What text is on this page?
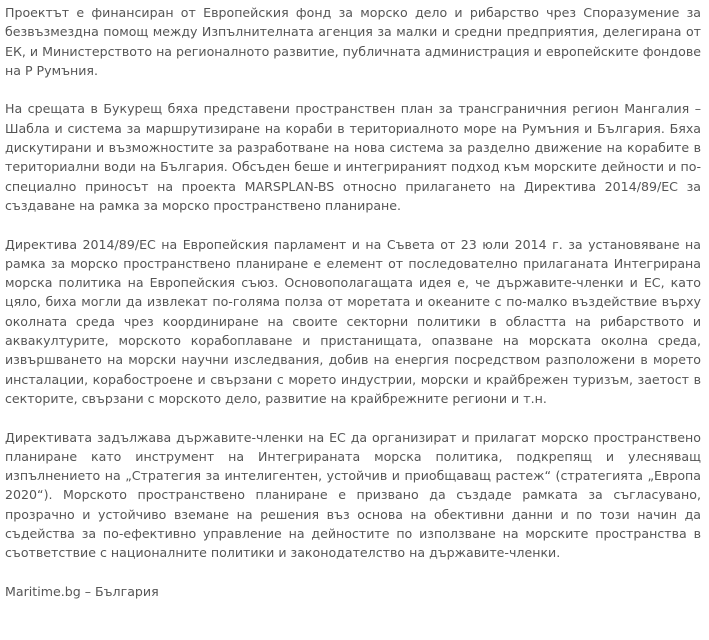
Проектът е финансиран от Европейския фонд за морско дело и рибарство чрез Споразумение за безвъзмездна помощ между Изпълнителната агенция за малки и средни предприятия, делегирана от ЕК, и Министерството на регионалното развитие, публичната администрация и европейските фондове на Р Румъния.

На срещата в Букурещ бяха представени пространствен план за трансграничния регион Мангалия – Шабла и система за маршрутизиране на кораби в териториалното море на Румъния и България. Бяха дискутирани и възможностите за разработване на нова система за разделно движение на корабите в териториални води на България. Обсъден беше и интегрираният подход към морските дейности и по-специално приносът на проекта MARSPLAN-BS относно прилагането на Директива 2014/89/ЕС за създаване на рамка за морско пространствено планиране.

Директива 2014/89/ЕС на Европейския парламент и на Съвета от 23 юли 2014 г. за установяване на рамка за морско пространствено планиране е елемент от последователно прилаганата Интегрирана морска политика на Европейския съюз. Основополагащата идея е, че държавите-членки и ЕС, като цяло, биха могли да извлекат по-голяма полза от моретата и океаните с по-малко въздействие върху околната среда чрез координиране на своите секторни политики в областта на рибарството и аквакултурите, морското корабоплаване и пристанищата, опазване на морската околна среда, извършването на морски научни изследвания, добив на енергия посредством разположени в морето инсталации, корабостроене и свързани с морето индустрии, морски и крайбрежен туризъм, заетост в секторите, свързани с морското дело, развитие на крайбрежните региони и т.н.

Директивата задължава държавите-членки на ЕС да организират и прилагат морско пространствено планиране като инструмент на Интегрираната морска политика, подкрепящ и улесняващ изпълнението на „Стратегия за интелигентен, устойчив и приобщаващ растеж“ (стратегията „Европа 2020“). Морското пространствено планиране е призвано да създаде рамката за съгласувано, прозрачно и устойчиво вземане на решения въз основа на обективни данни и по този начин да съдейства за по-ефективно управление на дейностите по използване на морските пространства в съответствие с националните политики и законодателство на държавите-членки.

Maritime.bg – България
